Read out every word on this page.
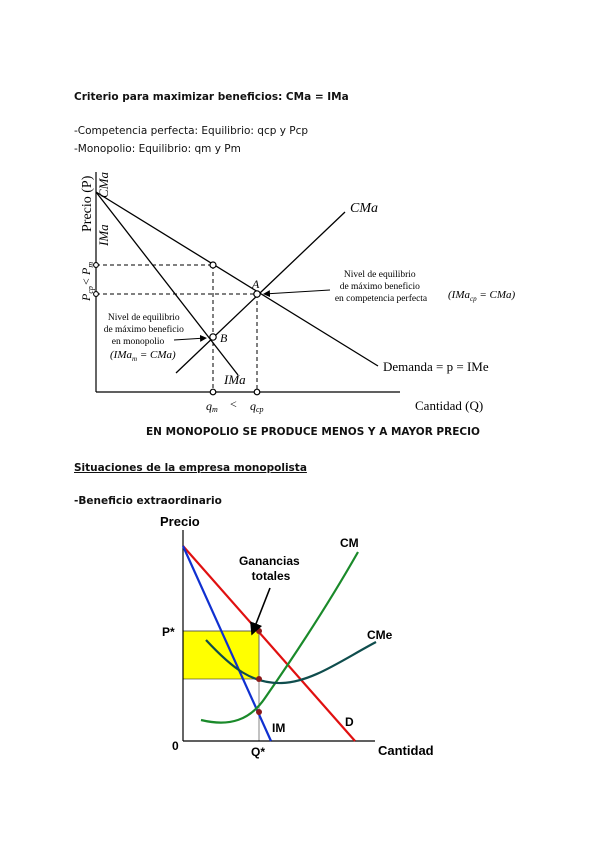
Criterio para maximizar beneficios: CMa = IMa
-Competencia perfecta: Equilibrio: qcp y Pcp
-Monopolio: Equilibrio: qm y Pm
Precio (P) CMa
IMa
$P_{cp}$
<
$P_m$
CMa
IMa
Demanda = p = IMe
A
B
qm < qcp	Cantidad (Q)
Nivel de equilibrio de máximo beneficio en competencia perfecta (IMa$_{cp}$ = CMa)
Nivel de equilibrio de máximo beneficio en monopolio
(IMa$_m$ = CMa)
EN MONOPOLIO SE PRODUCE MENOS Y A MAYOR PRECIO
Situaciones de la empresa monopolista
-Beneficio extraordinario
Precio
0
P*
Q*	Cantidad
CM
CMe
IM	D
Ganancias totales
